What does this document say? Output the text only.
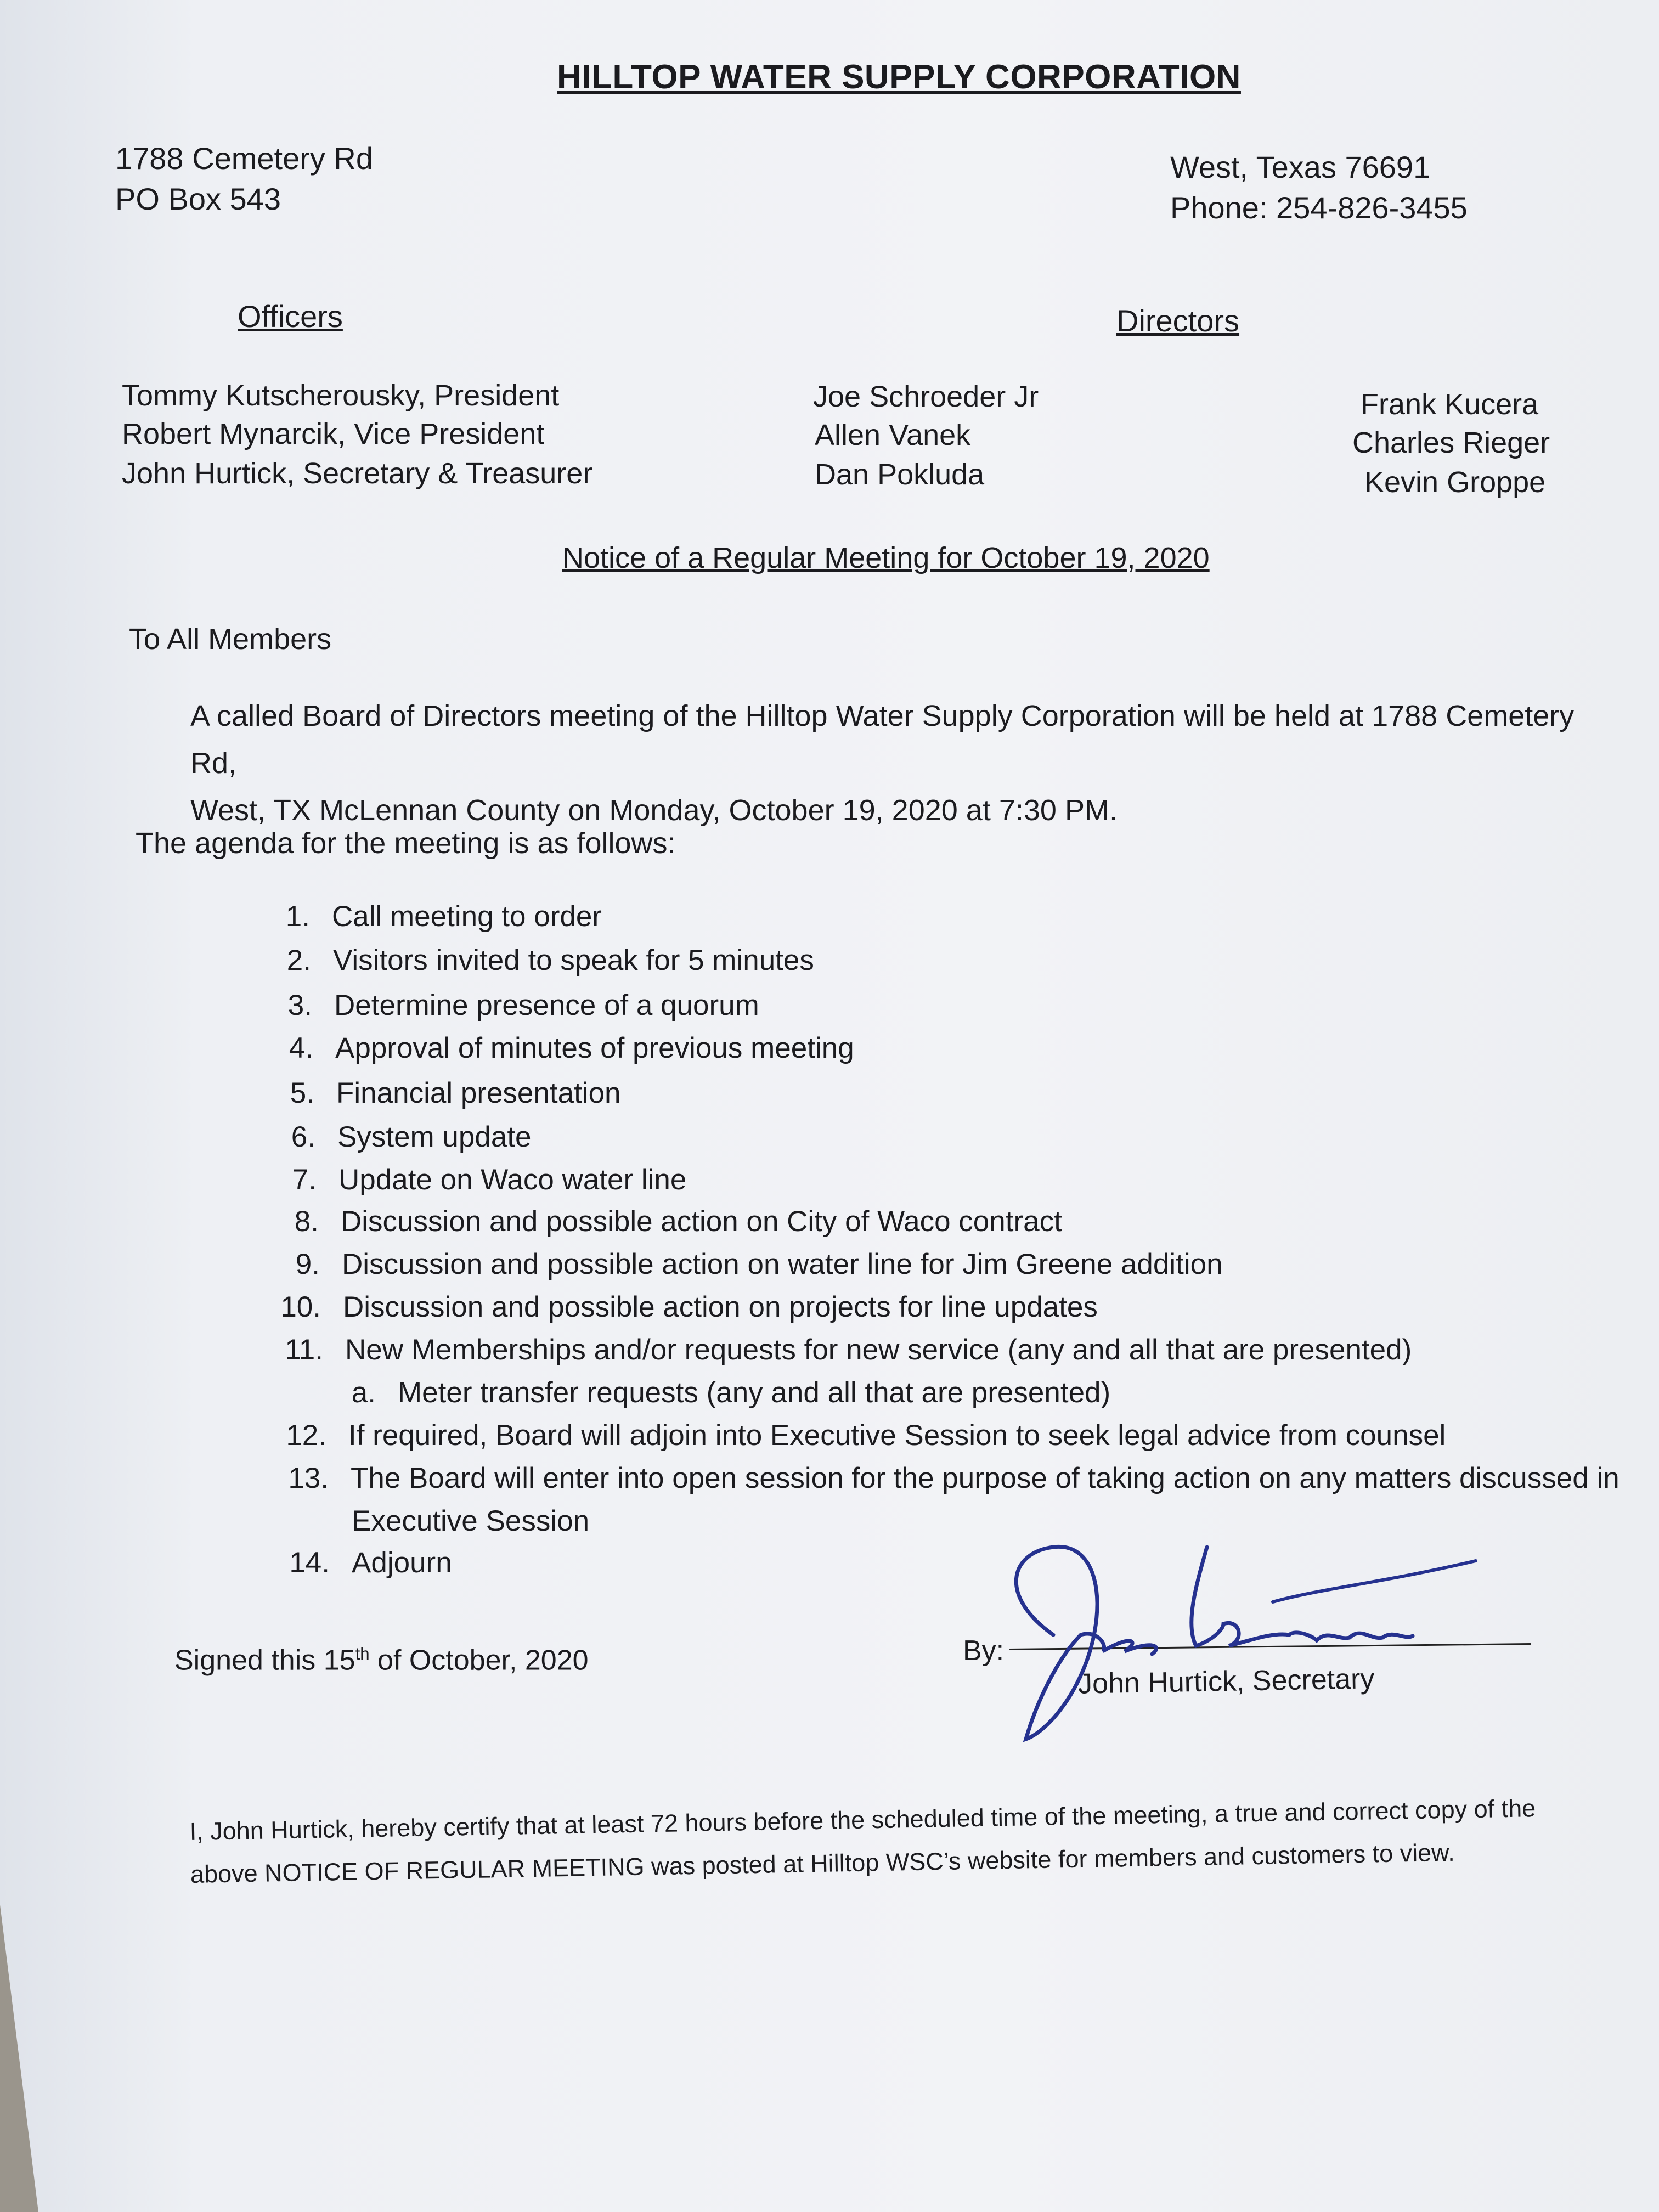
HILLTOP WATER SUPPLY CORPORATION
1788 Cemetery Rd
PO Box 543
West, Texas 76691
Phone: 254-826-3455
Officers	Directors
Tommy Kutscherousky, President
Robert Mynarcik, Vice President
John Hurtick, Secretary & Treasurer
Joe Schroeder Jr
Allen Vanek
Dan Pokluda
Frank Kucera
Charles Rieger
Kevin Groppe
Notice of a Regular Meeting for October 19, 2020
To All Members
A called Board of Directors meeting of the Hilltop Water Supply Corporation will be held at 1788 Cemetery Rd,
West, TX McLennan County on Monday, October 19, 2020 at 7:30 PM.
The agenda for the meeting is as follows:
1. Call meeting to order
2. Visitors invited to speak for 5 minutes
3. Determine presence of a quorum
4. Approval of minutes of previous meeting
5. Financial presentation
6. System update
7. Update on Waco water line
8. Discussion and possible action on City of Waco contract
9. Discussion and possible action on water line for Jim Greene addition
10. Discussion and possible action on projects for line updates
11. New Memberships and/or requests for new service (any and all that are presented)
a. Meter transfer requests (any and all that are presented)
12. If required, Board will adjoin into Executive Session to seek legal advice from counsel
13. The Board will enter into open session for the purpose of taking action on any matters discussed in
Executive Session
14. Adjourn
Signed this 15th of October, 2020	By:
John Hurtick, Secretary
I, John Hurtick, hereby certify that at least 72 hours before the scheduled time of the meeting, a true and correct copy of the
above NOTICE OF REGULAR MEETING was posted at Hilltop WSC’s website for members and customers to view.
